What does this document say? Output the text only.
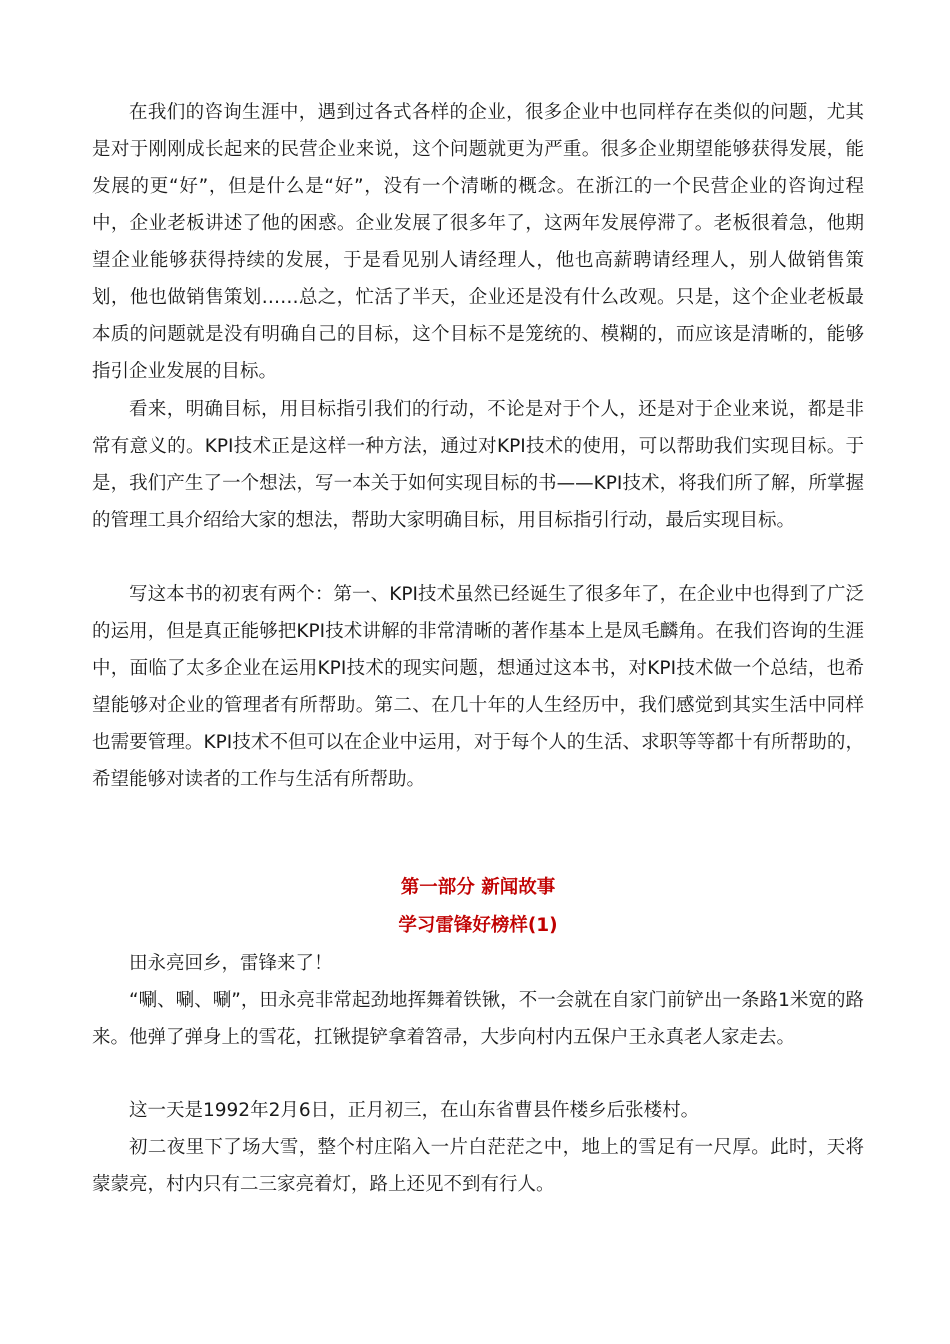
在我们的咨询生涯中，遇到过各式各样的企业，很多企业中也同样存在类似的问题，尤其是对于刚刚成长起来的民营企业来说，这个问题就更为严重。很多企业期望能够获得发展，能发展的更“好”，但是什么是“好”，没有一个清晰的概念。在浙江的一个民营企业的咨询过程中，企业老板讲述了他的困惑。企业发展了很多年了，这两年发展停滞了。老板很着急，他期望企业能够获得持续的发展，于是看见别人请经理人，他也高薪聘请经理人，别人做销售策划，他也做销售策划……总之，忙活了半天，企业还是没有什么改观。只是，这个企业老板最本质的问题就是没有明确自己的目标，这个目标不是笼统的、模糊的，而应该是清晰的，能够指引企业发展的目标。

看来，明确目标，用目标指引我们的行动，不论是对于个人，还是对于企业来说，都是非常有意义的。KPI技术正是这样一种方法，通过对KPI技术的使用，可以帮助我们实现目标。于是，我们产生了一个想法，写一本关于如何实现目标的书——KPI技术，将我们所了解，所掌握的管理工具介绍给大家的想法，帮助大家明确目标，用目标指引行动，最后实现目标。

写这本书的初衷有两个：第一、KPI技术虽然已经诞生了很多年了，在企业中也得到了广泛的运用，但是真正能够把KPI技术讲解的非常清晰的著作基本上是凤毛麟角。在我们咨询的生涯中，面临了太多企业在运用KPI技术的现实问题，想通过这本书，对KPI技术做一个总结，也希望能够对企业的管理者有所帮助。第二、在几十年的人生经历中，我们感觉到其实生活中同样也需要管理。KPI技术不但可以在企业中运用，对于每个人的生活、求职等等都十有所帮助的，希望能够对读者的工作与生活有所帮助。

第一部分 新闻故事
学习雷锋好榜样(1)

田永亮回乡，雷锋来了！

“唰、唰、唰”，田永亮非常起劲地挥舞着铁锹，不一会就在自家门前铲出一条路1米宽的路来。他弹了弹身上的雪花，扛锹提铲拿着笤帚，大步向村内五保户王永真老人家走去。

这一天是1992年2月6日，正月初三，在山东省曹县仵楼乡后张楼村。

初二夜里下了场大雪，整个村庄陷入一片白茫茫之中，地上的雪足有一尺厚。此时，天将蒙蒙亮，村内只有二三家亮着灯，路上还见不到有行人。
